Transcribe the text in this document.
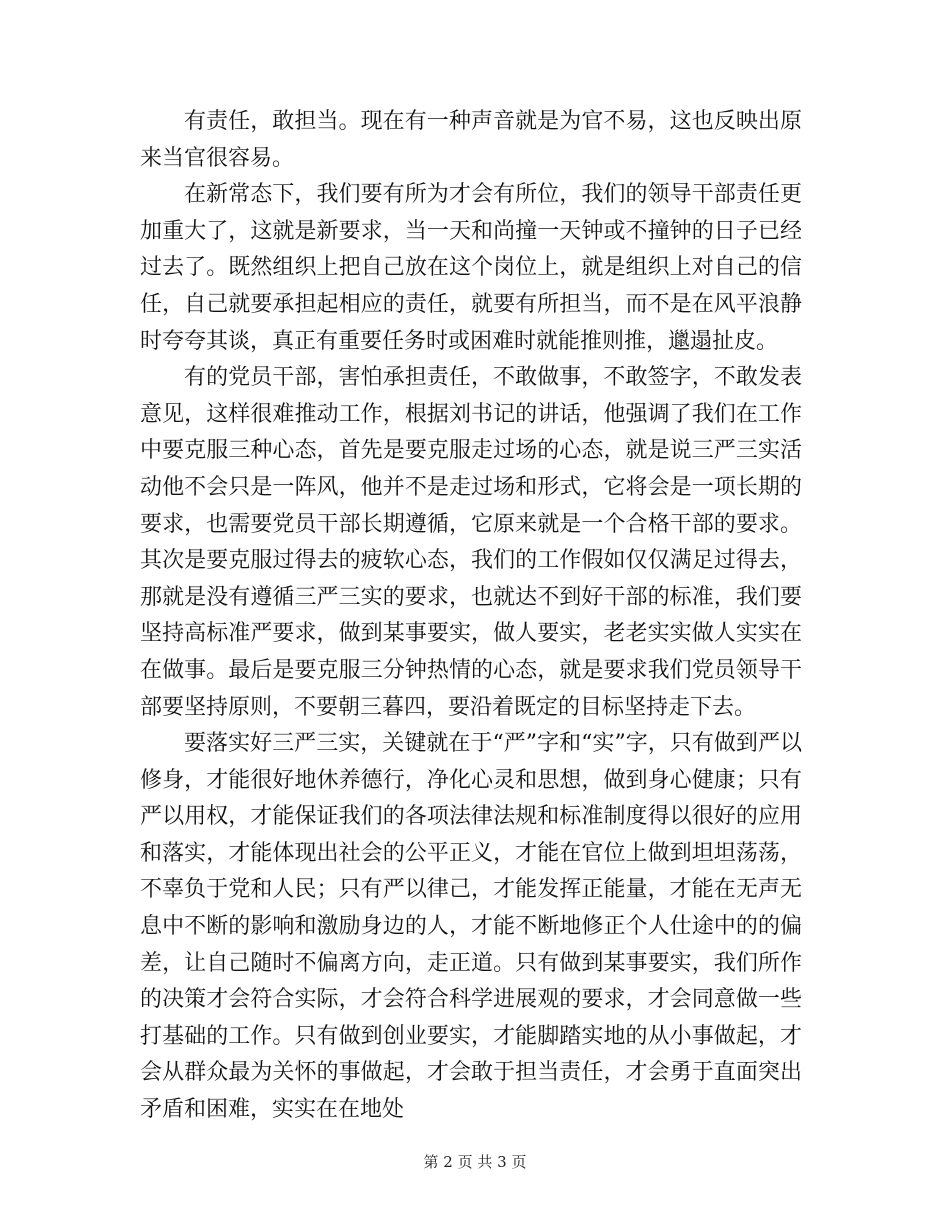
有责任，敢担当。现在有一种声音就是为官不易，这也反映出原来当官很容易。

在新常态下，我们要有所为才会有所位，我们的领导干部责任更加重大了，这就是新要求，当一天和尚撞一天钟或不撞钟的日子已经过去了。既然组织上把自己放在这个岗位上，就是组织上对自己的信任，自己就要承担起相应的责任，就要有所担当，而不是在风平浪静时夸夸其谈，真正有重要任务时或困难时就能推则推，邋遢扯皮。

有的党员干部，害怕承担责任，不敢做事，不敢签字，不敢发表意见，这样很难推动工作，根据刘书记的讲话，他强调了我们在工作中要克服三种心态，首先是要克服走过场的心态，就是说三严三实活动他不会只是一阵风，他并不是走过场和形式，它将会是一项长期的要求，也需要党员干部长期遵循，它原来就是一个合格干部的要求。其次是要克服过得去的疲软心态，我们的工作假如仅仅满足过得去，那就是没有遵循三严三实的要求，也就达不到好干部的标准，我们要坚持高标准严要求，做到某事要实，做人要实，老老实实做人实实在在做事。最后是要克服三分钟热情的心态，就是要求我们党员领导干部要坚持原则，不要朝三暮四，要沿着既定的目标坚持走下去。

要落实好三严三实，关键就在于“严”字和“实”字，只有做到严以修身，才能很好地休养德行，净化心灵和思想，做到身心健康；只有严以用权，才能保证我们的各项法律法规和标准制度得以很好的应用和落实，才能体现出社会的公平正义，才能在官位上做到坦坦荡荡，不辜负于党和人民；只有严以律己，才能发挥正能量，才能在无声无息中不断的影响和激励身边的人，才能不断地修正个人仕途中的的偏差，让自己随时不偏离方向，走正道。只有做到某事要实，我们所作的决策才会符合实际，才会符合科学进展观的要求，才会同意做一些打基础的工作。只有做到创业要实，才能脚踏实地的从小事做起，才会从群众最为关怀的事做起，才会敢于担当责任，才会勇于直面突出矛盾和困难，实实在在地处

第 2 页 共 3 页
